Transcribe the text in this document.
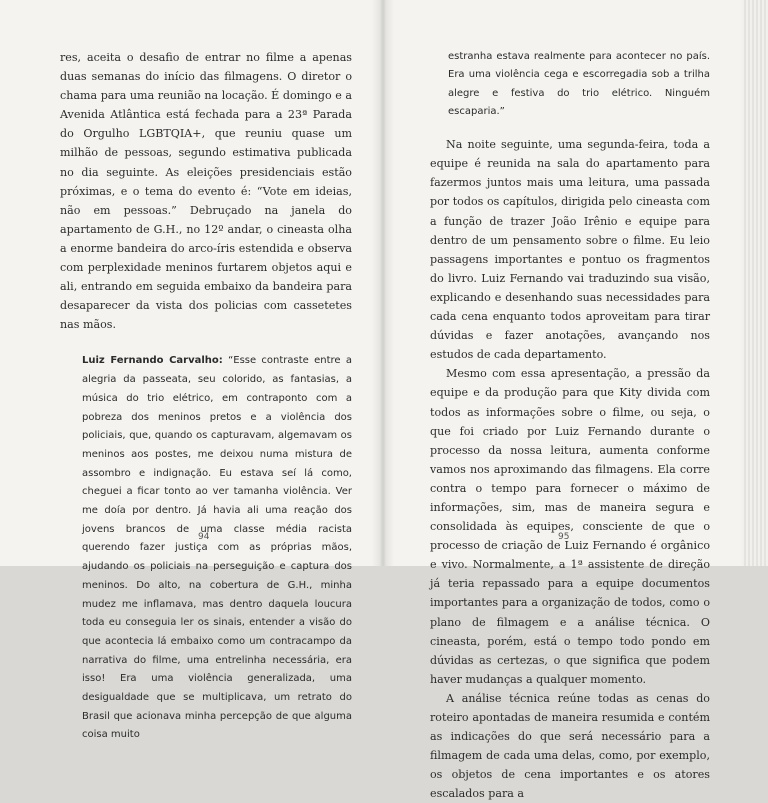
res, aceita o desafio de entrar no filme a apenas duas semanas do início das filmagens. O diretor o chama para uma reunião na locação. É domingo e a Avenida Atlântica está fechada para a 23ª Parada do Orgulho LGBTQIA+, que reuniu quase um milhão de pessoas, segundo estimativa publicada no dia seguinte. As eleições presidenciais estão próximas, e o tema do evento é: “Vote em ideias, não em pessoas.” Debruçado na janela do apartamento de G.H., no 12º andar, o cineasta olha a enorme bandeira do arco-íris estendida e observa com perplexidade meninos furtarem objetos aqui e ali, entrando em seguida embaixo da bandeira para desaparecer da vista dos policias com cassetetes nas mãos.

Luiz Fernando Carvalho: “Esse contraste entre a alegria da passeata, seu colorido, as fantasias, a música do trio elétrico, em contraponto com a pobreza dos meninos pretos e a violência dos policiais, que, quando os capturavam, algemavam os meninos aos postes, me deixou numa mistura de assombro e indignação. Eu estava seí lá como, cheguei a ficar tonto ao ver tamanha violência. Ver me doía por dentro. Já havia ali uma reação dos jovens brancos de uma classe média racista querendo fazer justiça com as próprias mãos, ajudando os policiais na perseguição e captura dos meninos. Do alto, na cobertura de G.H., minha mudez me inflamava, mas dentro daquela loucura toda eu conseguia ler os sinais, entender a visão do que acontecia lá embaixo como um contracampo da narrativa do filme, uma entrelinha necessária, era isso! Era uma violência generalizada, uma desigualdade que se multiplicava, um retrato do Brasil que acionava minha percepção de que alguma coisa muito

94

estranha estava realmente para acontecer no país. Era uma violência cega e escorregadia sob a trilha alegre e festiva do trio elétrico. Ninguém escaparia.”

Na noite seguinte, uma segunda-feira, toda a equipe é reunida na sala do apartamento para fazermos juntos mais uma leitura, uma passada por todos os capítulos, dirigida pelo cineasta com a função de trazer João Irênio e equipe para dentro de um pensamento sobre o filme. Eu leio passagens importantes e pontuo os fragmentos do livro. Luiz Fernando vai traduzindo sua visão, explicando e desenhando suas necessidades para cada cena enquanto todos aproveitam para tirar dúvidas e fazer anotações, avançando nos estudos de cada departamento.

Mesmo com essa apresentação, a pressão da equipe e da produção para que Kity divida com todos as informações sobre o filme, ou seja, o que foi criado por Luiz Fernando durante o processo da nossa leitura, aumenta conforme vamos nos aproximando das filmagens. Ela corre contra o tempo para fornecer o máximo de informações, sim, mas de maneira segura e consolidada às equipes, consciente de que o processo de criação de Luiz Fernando é orgânico e vivo. Normalmente, a 1ª assistente de direção já teria repassado para a equipe documentos importantes para a organização de todos, como o plano de filmagem e a análise técnica. O cineasta, porém, está o tempo todo pondo em dúvidas as certezas, o que significa que podem haver mudanças a qualquer momento.

A análise técnica reúne todas as cenas do roteiro apontadas de maneira resumida e contém as indicações do que será necessário para a filmagem de cada uma delas, como, por exemplo, os objetos de cena importantes e os atores escalados para a

95
